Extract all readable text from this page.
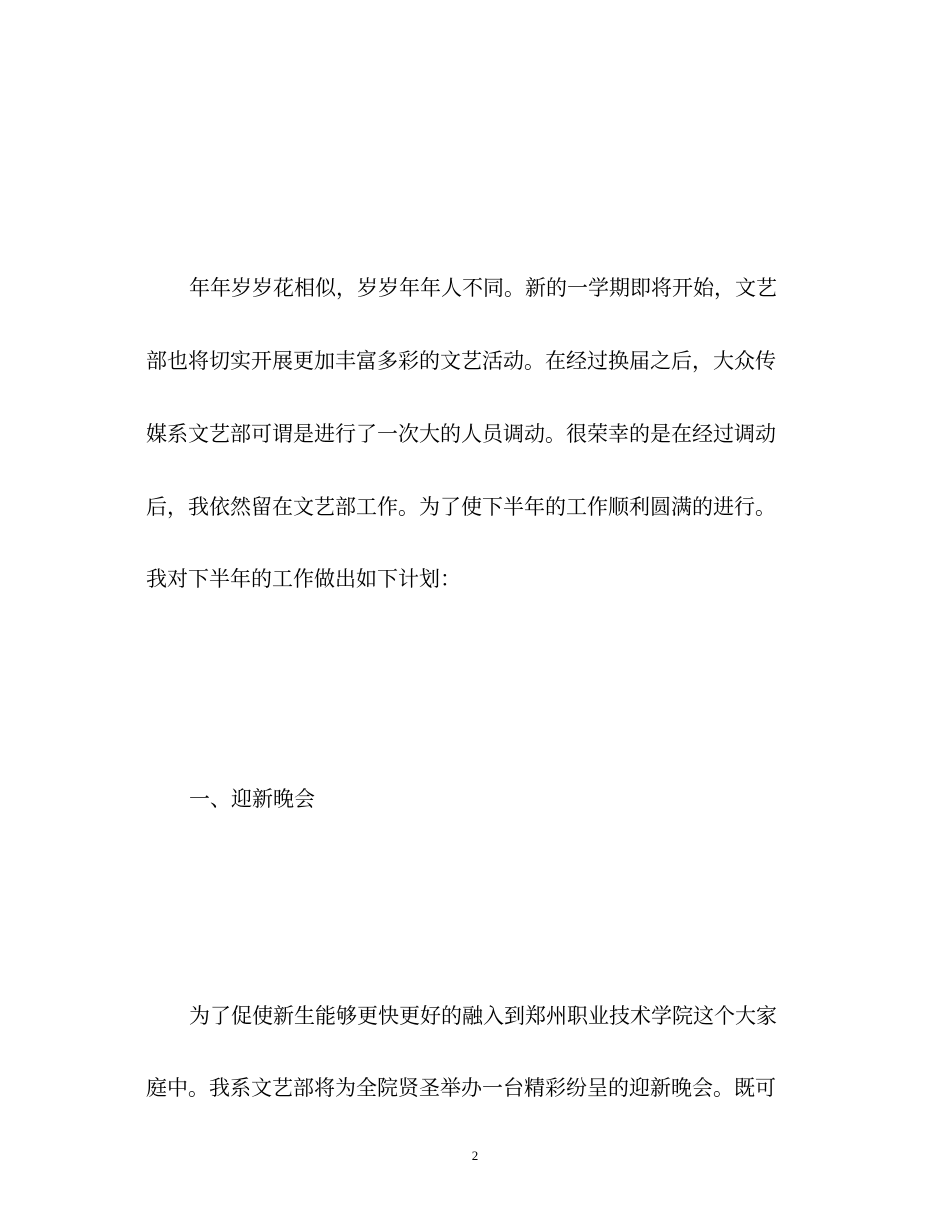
年年岁岁花相似，岁岁年年人不同。新的一学期即将开始，文艺

部也将切实开展更加丰富多彩的文艺活动。在经过换届之后，大众传

媒系文艺部可谓是进行了一次大的人员调动。很荣幸的是在经过调动

后，我依然留在文艺部工作。为了使下半年的工作顺利圆满的进行。

我对下半年的工作做出如下计划：

一、迎新晚会

为了促使新生能够更快更好的融入到郑州职业技术学院这个大家

庭中。我系文艺部将为全院贤圣举办一台精彩纷呈的迎新晚会。既可

2
